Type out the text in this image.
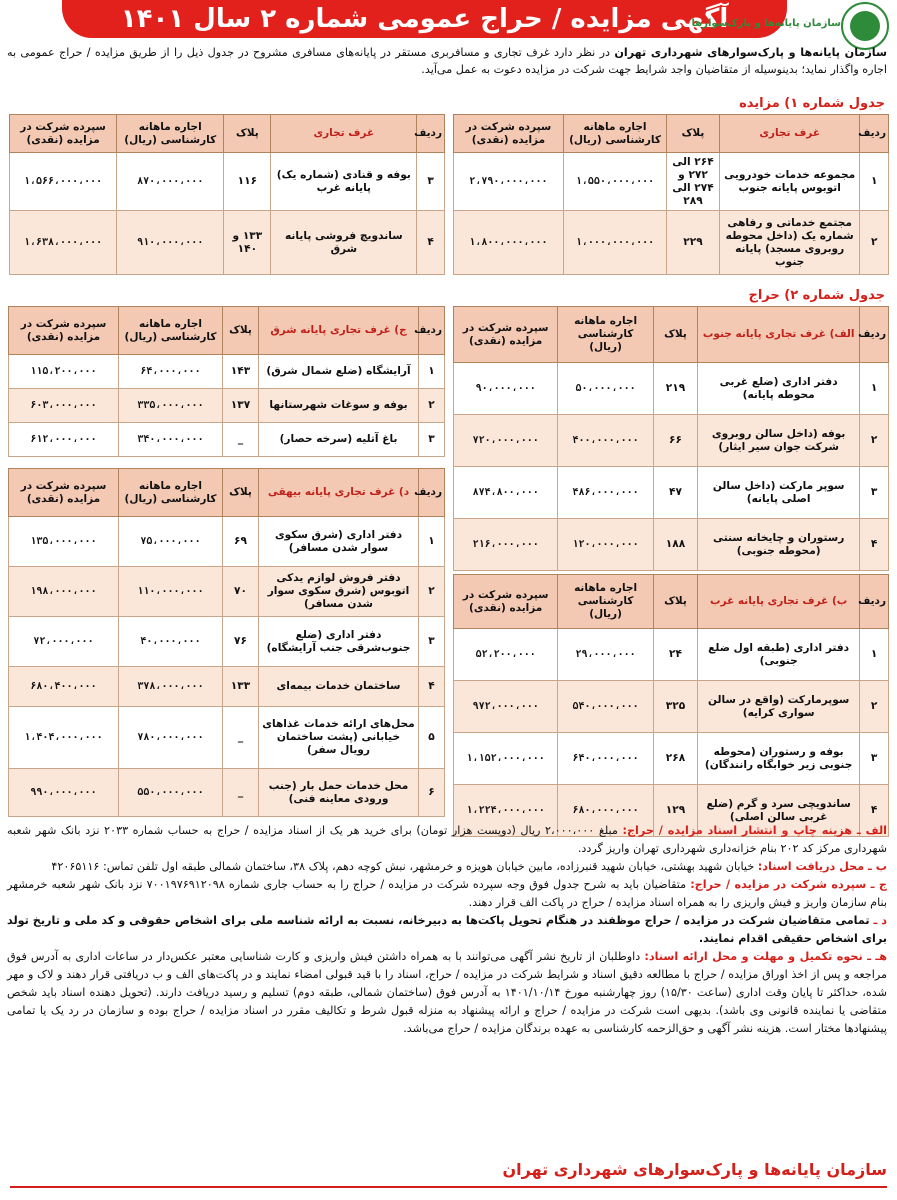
آگهی مزایده / حراج عمومی شماره ۲ سال ۱۴۰۱
سازمان پایانه‌ها و پارک‌سوارها
سازمان پایانه‌ها و پارک‌سوارهای شهرداری تهران در نظر دارد غرف تجاری و مسافربری مستقر در پایانه‌های مسافری مشروح در جدول ذیل را از طریق مزایده / حراج عمومی به اجاره واگذار نماید؛ بدینوسیله از متقاضیان واجد شرایط جهت شرکت در مزایده دعوت به عمل می‌آید.
جدول شماره ۱) مزایده
ردیف	غرف تجاری	پلاک	اجاره ماهانه کارشناسی (ریال)	سپرده شرکت در مزایده (نقدی)
۱	مجموعه خدمات خودرویی اتوبوس پایانه جنوب	۲۶۴ الی ۲۷۲ و ۲۷۴ الی ۲۸۹	۱،۵۵۰،۰۰۰،۰۰۰	۲،۷۹۰،۰۰۰،۰۰۰
۲	مجتمع خدماتی و رفاهی شماره یک (داخل محوطه روبروی مسجد) پایانه جنوب	۲۲۹	۱،۰۰۰،۰۰۰،۰۰۰	۱،۸۰۰،۰۰۰،۰۰۰
ردیف	غرف تجاری	پلاک	اجاره ماهانه کارشناسی (ریال)	سپرده شرکت در مزایده (نقدی)
۳	بوفه و قنادی (شماره یک) پایانه غرب	۱۱۶	۸۷۰،۰۰۰،۰۰۰	۱،۵۶۶،۰۰۰،۰۰۰
۴	ساندویچ فروشی پایانه شرق	۱۳۳ و ۱۴۰	۹۱۰،۰۰۰،۰۰۰	۱،۶۳۸،۰۰۰،۰۰۰
جدول شماره ۲) حراج
ردیف	الف) غرف تجاری پایانه جنوب	پلاک	اجاره ماهانه کارشناسی (ریال)	سپرده شرکت در مزایده (نقدی)
۱	دفتر اداری (ضلع غربی محوطه پایانه)	۲۱۹	۵۰،۰۰۰،۰۰۰	۹۰،۰۰۰،۰۰۰
۲	بوفه (داخل سالن روبروی شرکت جوان سیر ایثار)	۶۶	۴۰۰،۰۰۰،۰۰۰	۷۲۰،۰۰۰،۰۰۰
۳	سوپر مارکت (داخل سالن اصلی پایانه)	۴۷	۴۸۶،۰۰۰،۰۰۰	۸۷۴،۸۰۰،۰۰۰
۴	رستوران و چایخانه سنتی (محوطه جنوبی)	۱۸۸	۱۲۰،۰۰۰،۰۰۰	۲۱۶،۰۰۰،۰۰۰
ردیف	ب) غرف تجاری پایانه غرب	پلاک	اجاره ماهانه کارشناسی (ریال)	سپرده شرکت در مزایده (نقدی)
۱	دفتر اداری (طبقه اول ضلع جنوبی)	۲۴	۲۹،۰۰۰،۰۰۰	۵۲،۲۰۰،۰۰۰
۲	سوپرمارکت (واقع در سالن سواری کرایه)	۳۲۵	۵۴۰،۰۰۰،۰۰۰	۹۷۲،۰۰۰،۰۰۰
۳	بوفه و رستوران (محوطه جنوبی زیر خوابگاه رانندگان)	۲۶۸	۶۴۰،۰۰۰،۰۰۰	۱،۱۵۲،۰۰۰،۰۰۰
۴	ساندویچی سرد و گرم (ضلع غربی سالن اصلی)	۱۲۹	۶۸۰،۰۰۰،۰۰۰	۱،۲۲۴،۰۰۰،۰۰۰
ردیف	ج) غرف تجاری پایانه شرق	پلاک	اجاره ماهانه کارشناسی (ریال)	سپرده شرکت در مزایده (نقدی)
۱	آرایشگاه (ضلع شمال شرق)	۱۴۳	۶۴،۰۰۰،۰۰۰	۱۱۵،۲۰۰،۰۰۰
۲	بوفه و سوغات شهرستانها	۱۳۷	۳۳۵،۰۰۰،۰۰۰	۶۰۳،۰۰۰،۰۰۰
۳	باغ آتلیه (سرخه حصار)	_	۳۴۰،۰۰۰،۰۰۰	۶۱۲،۰۰۰،۰۰۰
ردیف	د) غرف تجاری پایانه بیهقی	پلاک	اجاره ماهانه کارشناسی (ریال)	سپرده شرکت در مزایده (نقدی)
۱	دفتر اداری (شرق سکوی سوار شدن مسافر)	۶۹	۷۵،۰۰۰،۰۰۰	۱۳۵،۰۰۰،۰۰۰
۲	دفتر فروش لوازم یدکی اتوبوس (شرق سکوی سوار شدن مسافر)	۷۰	۱۱۰،۰۰۰،۰۰۰	۱۹۸،۰۰۰،۰۰۰
۳	دفتر اداری (ضلع جنوب‌شرقی جنب آرایشگاه)	۷۶	۴۰،۰۰۰،۰۰۰	۷۲،۰۰۰،۰۰۰
۴	ساختمان خدمات بیمه‌ای	۱۳۳	۳۷۸،۰۰۰،۰۰۰	۶۸۰،۴۰۰،۰۰۰
۵	محل‌های ارائه خدمات غذاهای خیابانی (پشت ساختمان رویال سفر)	_	۷۸۰،۰۰۰،۰۰۰	۱،۴۰۴،۰۰۰،۰۰۰
۶	محل خدمات حمل بار (جنب ورودی معاینه فنی)	_	۵۵۰،۰۰۰،۰۰۰	۹۹۰،۰۰۰،۰۰۰

الف ـ هزینه چاپ و انتشار اسناد مزایده / حراج: مبلغ ۲،۰۰۰،۰۰۰ ریال (دویست هزار تومان) برای خرید هر یک از اسناد مزایده / حراج به حساب شماره ۲۰۳۳ نزد بانک شهر شعبه شهرداری مرکز کد ۲۰۲ بنام خزانه‌داری شهرداری تهران واریز گردد.

ب ـ محل دریافت اسناد: خیابان شهید بهشتی، خیابان شهید قنبرزاده، مابین خیابان هویزه و خرمشهر، نبش کوچه دهم، پلاک ۳۸، ساختمان شمالی طبقه اول تلفن تماس: ۴۲۰۶۵۱۱۶

ج ـ سپرده شرکت در مزایده / حراج: متقاضیان باید به شرح جدول فوق وجه سپرده شرکت در مزایده / حراج را به حساب جاری شماره ۷۰۰۱۹۷۶۹۱۲۰۹۸ نزد بانک شهر شعبه خرمشهر بنام سازمان واریز و فیش واریزی را به همراه اسناد مزایده / حراج در پاکت الف قرار دهند.

د ـ تمامی متقاضیان شرکت در مزایده / حراج موظفند در هنگام تحویل پاکت‌ها به دبیرخانه، نسبت به ارائه شناسه ملی برای اشخاص حقوقی و کد ملی و تاریخ تولد برای اشخاص حقیقی اقدام نمایند.

هـ ـ نحوه تکمیل و مهلت و محل ارائه اسناد: داوطلبان از تاریخ نشر آگهی می‌توانند با به همراه داشتن فیش واریزی و کارت شناسایی معتبر عکس‌دار در ساعات اداری به آدرس فوق مراجعه و پس از اخذ اوراق مزایده / حراج با مطالعه دقیق اسناد و شرایط شرکت در مزایده / حراج، اسناد را با قید قبولی امضاء نمایند و در پاکت‌های الف و ب دریافتی قرار دهند و لاک و مهر شده، حداکثر تا پایان وقت اداری (ساعت ۱۵/۳۰) روز چهارشنبه مورخ ۱۴۰۱/۱۰/۱۴ به آدرس فوق (ساختمان شمالی، طبقه دوم) تسلیم و رسید دریافت دارند. (تحویل دهنده اسناد باید شخص متقاضی یا نماینده قانونی وی باشد). بدیهی است شرکت در مزایده / حراج و ارائه پیشنهاد به منزله قبول شرط و تکالیف مقرر در اسناد مزایده / حراج بوده و سازمان در رد یک یا تمامی پیشنهادها مختار است. هزینه نشر آگهی و حق‌الزحمه کارشناسی به عهده برندگان مزایده / حراج می‌باشد.

سازمان پایانه‌ها و پارک‌سوارهای شهرداری تهران
